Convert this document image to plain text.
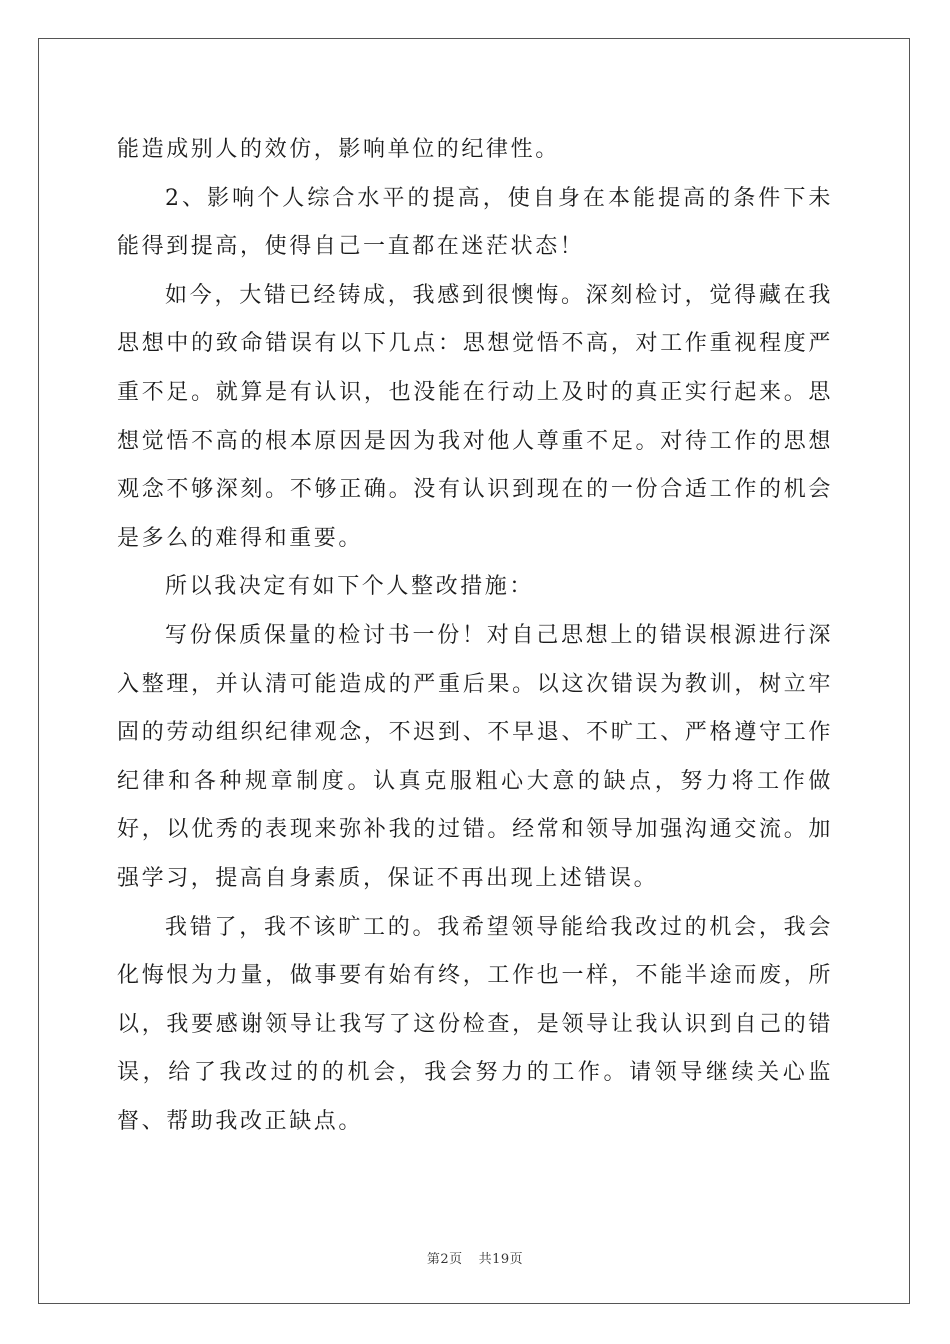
能造成别人的效仿，影响单位的纪律性。

2、影响个人综合水平的提高，使自身在本能提高的条件下未能得到提高，使得自己一直都在迷茫状态！

如今，大错已经铸成，我感到很懊悔。深刻检讨，觉得藏在我思想中的致命错误有以下几点：思想觉悟不高，对工作重视程度严重不足。就算是有认识，也没能在行动上及时的真正实行起来。思想觉悟不高的根本原因是因为我对他人尊重不足。对待工作的思想观念不够深刻。不够正确。没有认识到现在的一份合适工作的机会是多么的难得和重要。

所以我决定有如下个人整改措施：

写份保质保量的检讨书一份！对自己思想上的错误根源进行深入整理，并认清可能造成的严重后果。以这次错误为教训，树立牢固的劳动组织纪律观念，不迟到、不早退、不旷工、严格遵守工作纪律和各种规章制度。认真克服粗心大意的缺点，努力将工作做好，以优秀的表现来弥补我的过错。经常和领导加强沟通交流。加强学习，提高自身素质，保证不再出现上述错误。

我错了，我不该旷工的。我希望领导能给我改过的机会，我会化悔恨为力量，做事要有始有终，工作也一样，不能半途而废，所以，我要感谢领导让我写了这份检查，是领导让我认识到自己的错误，给了我改过的的机会，我会努力的工作。请领导继续关心监督、帮助我改正缺点。

第2页 共19页
